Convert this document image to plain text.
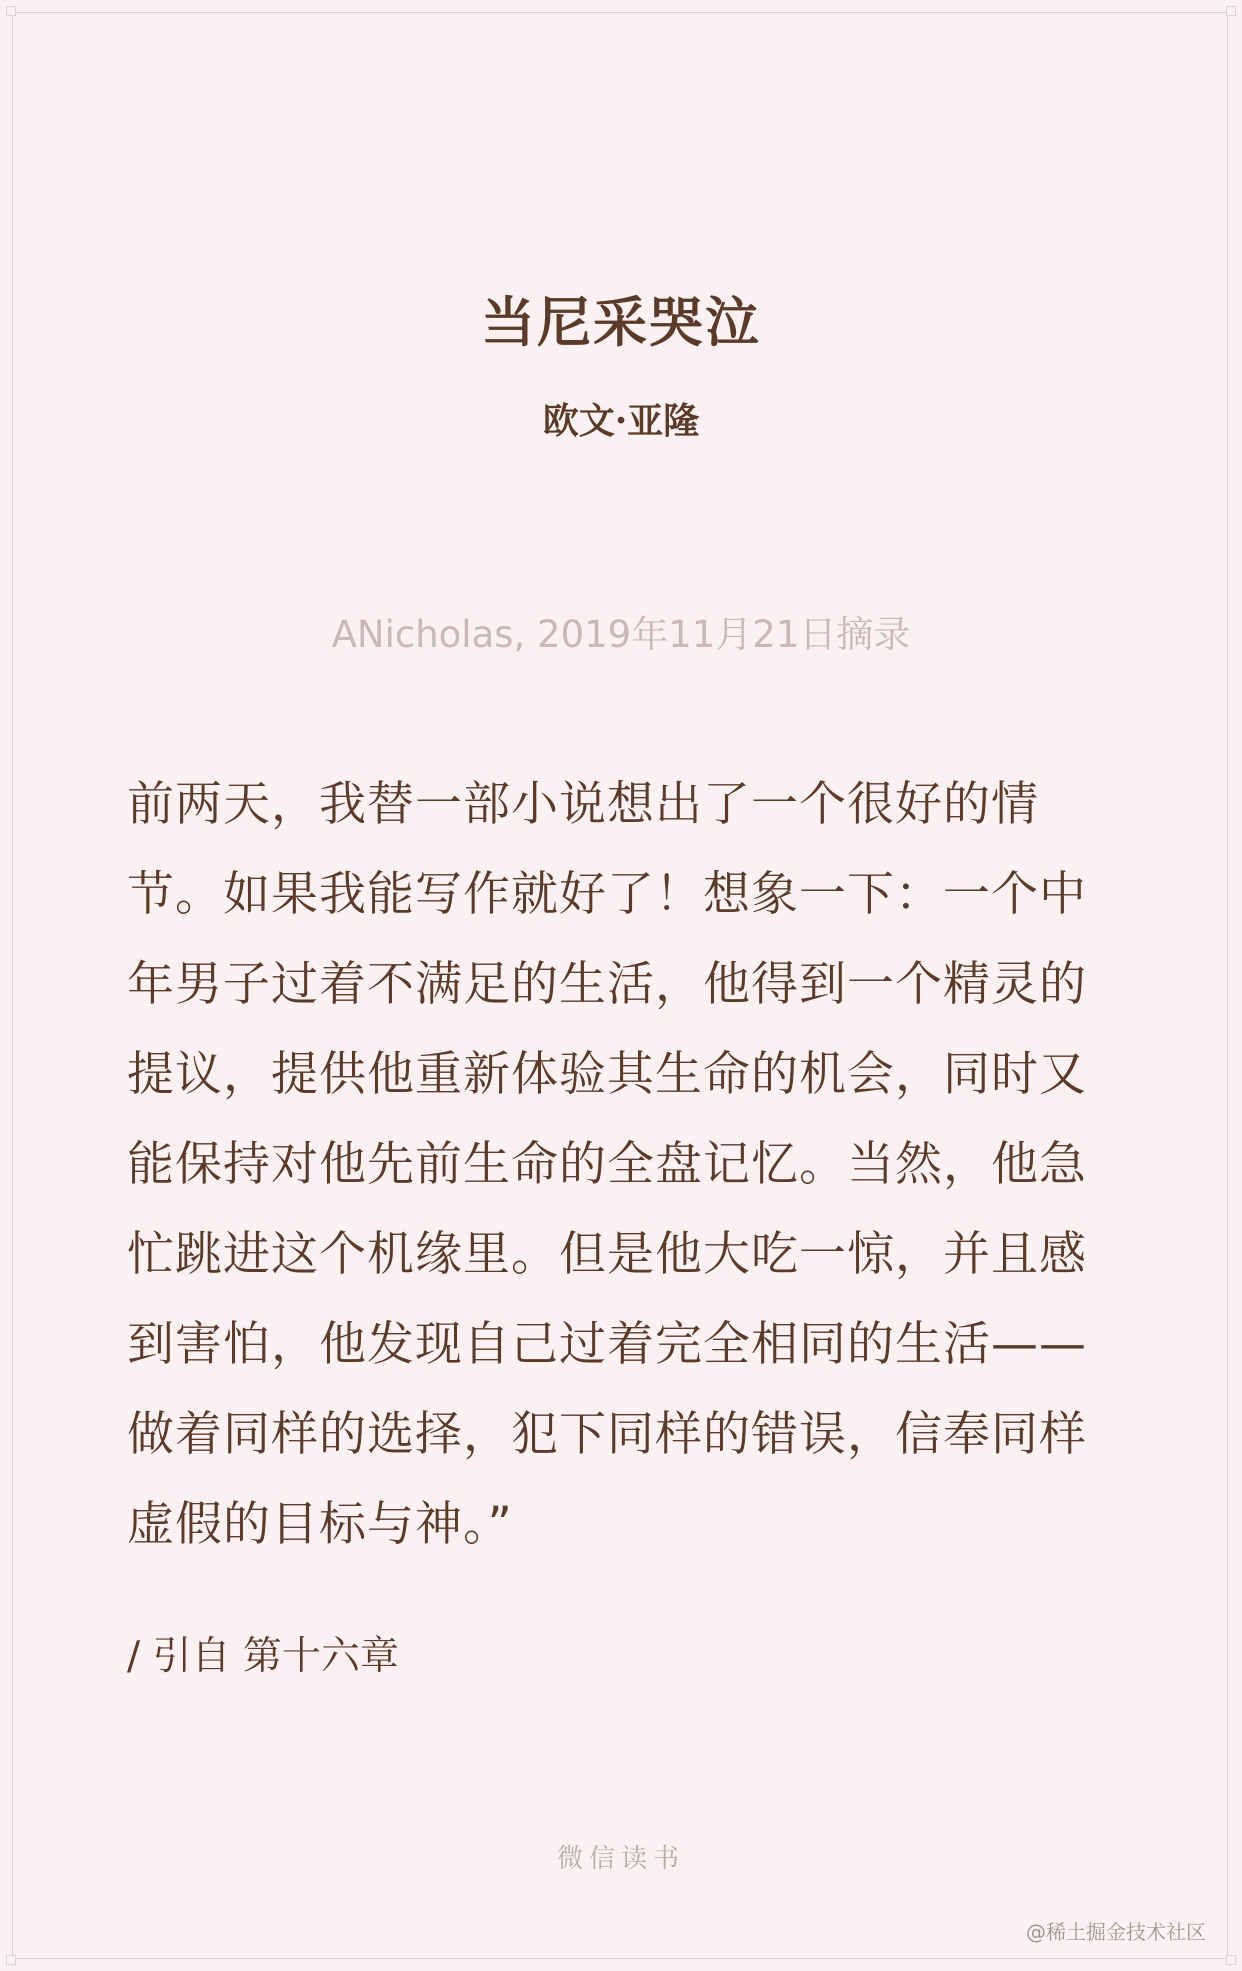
当尼采哭泣
欧文·亚隆
ANicholas, 2019年11月21日摘录
前两天，我替一部小说想出了一个很好的情节。如果我能写作就好了！想象一下：一个中年男子过着不满足的生活，他得到一个精灵的提议，提供他重新体验其生命的机会，同时又能保持对他先前生命的全盘记忆。当然，他急忙跳进这个机缘里。但是他大吃一惊，并且感到害怕，他发现自己过着完全相同的生活——做着同样的选择，犯下同样的错误，信奉同样虚假的目标与神。”
/ 引自 第十六章
微信读书
@稀土掘金技术社区
